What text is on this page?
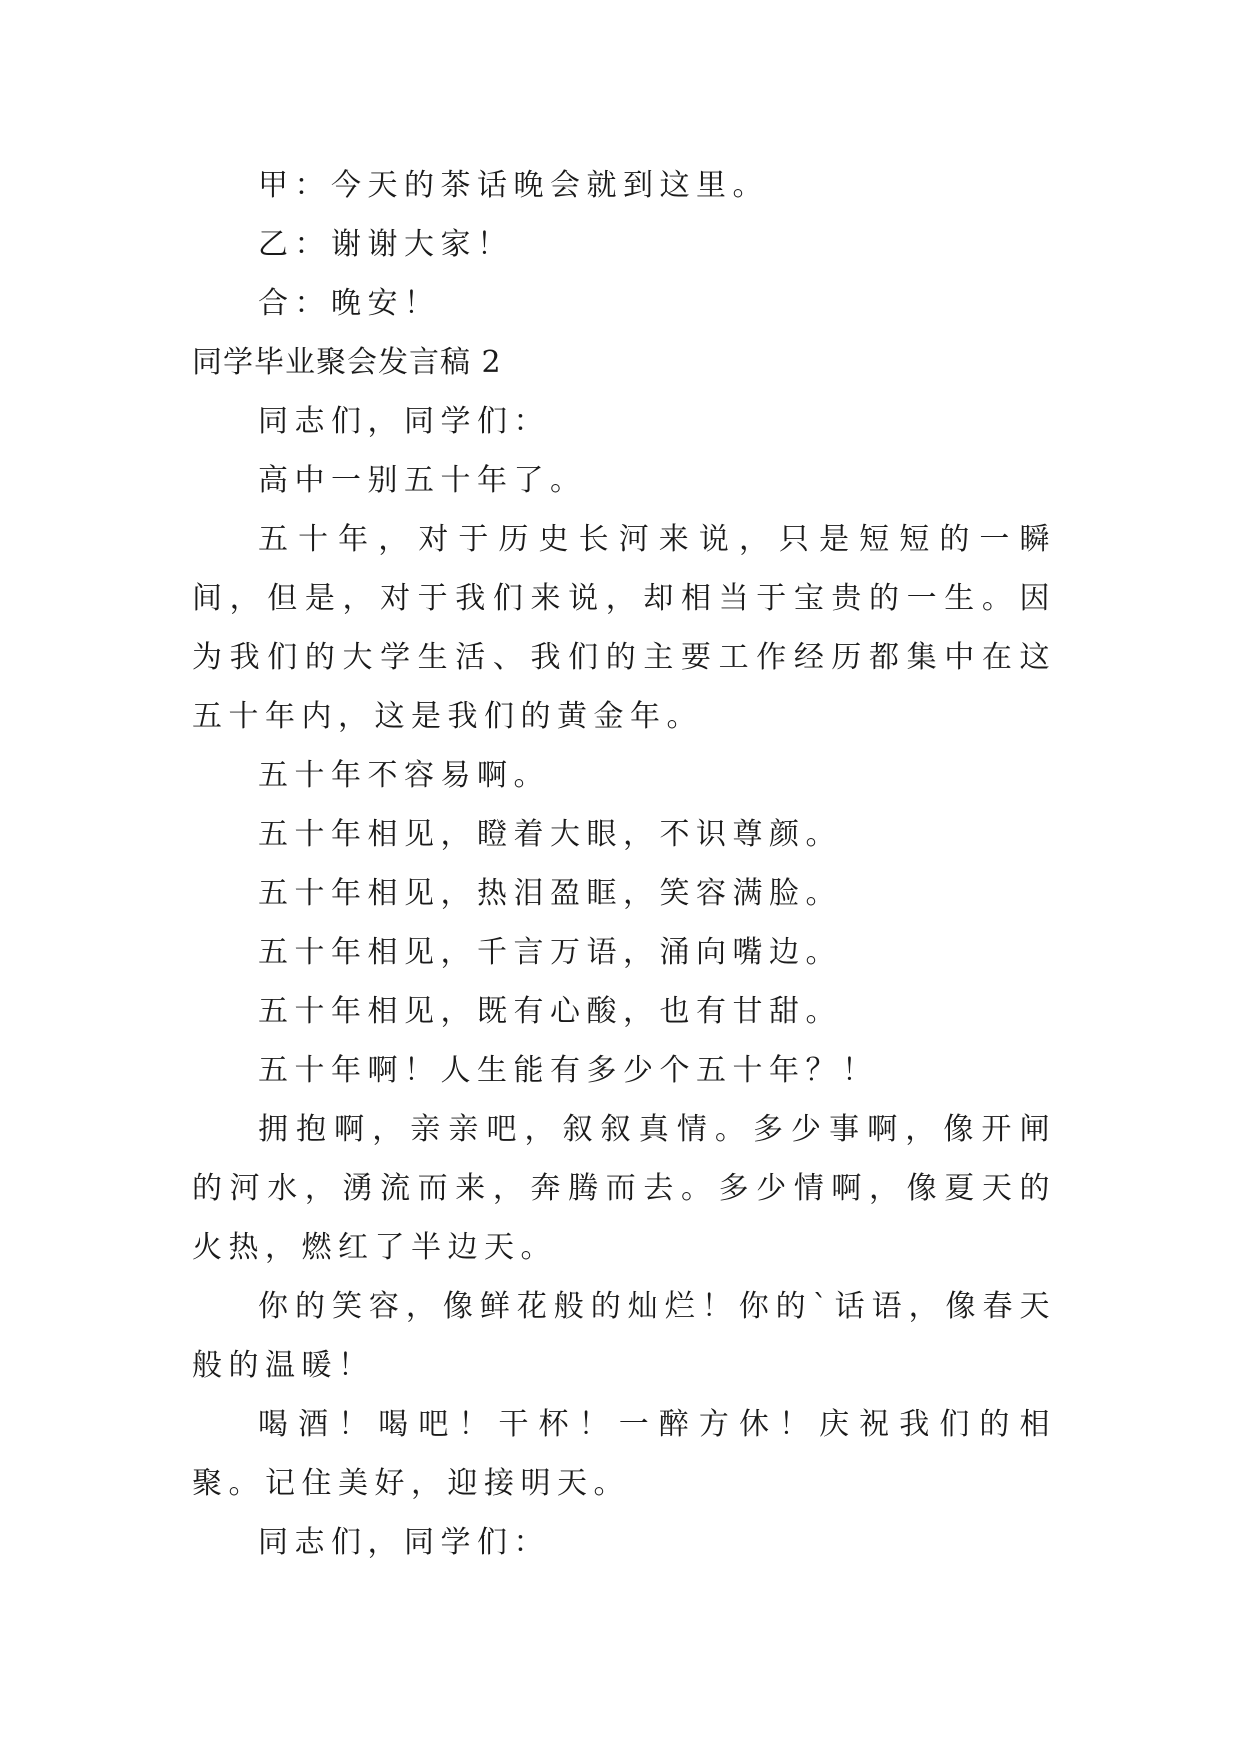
甲：今天的茶话晚会就到这里。

乙：谢谢大家！

合：晚安！

同学毕业聚会发言稿 2

同志们，同学们：

高中一别五十年了。

五十年，对于历史长河来说，只是短短的一瞬间，但是，对于我们来说，却相当于宝贵的一生。因为我们的大学生活、我们的主要工作经历都集中在这五十年内，这是我们的黄金年。

五十年不容易啊。

五十年相见，瞪着大眼，不识尊颜。

五十年相见，热泪盈眶，笑容满脸。

五十年相见，千言万语，涌向嘴边。

五十年相见，既有心酸，也有甘甜。

五十年啊！人生能有多少个五十年？！

拥抱啊，亲亲吧，叙叙真情。多少事啊，像开闸的河水，湧流而来，奔腾而去。多少情啊，像夏天的火热，燃红了半边天。

你的笑容，像鲜花般的灿烂！你的`话语，像春天般的温暖！

喝酒！喝吧！干杯！一醉方休！庆祝我们的相聚。记住美好，迎接明天。

同志们，同学们：
